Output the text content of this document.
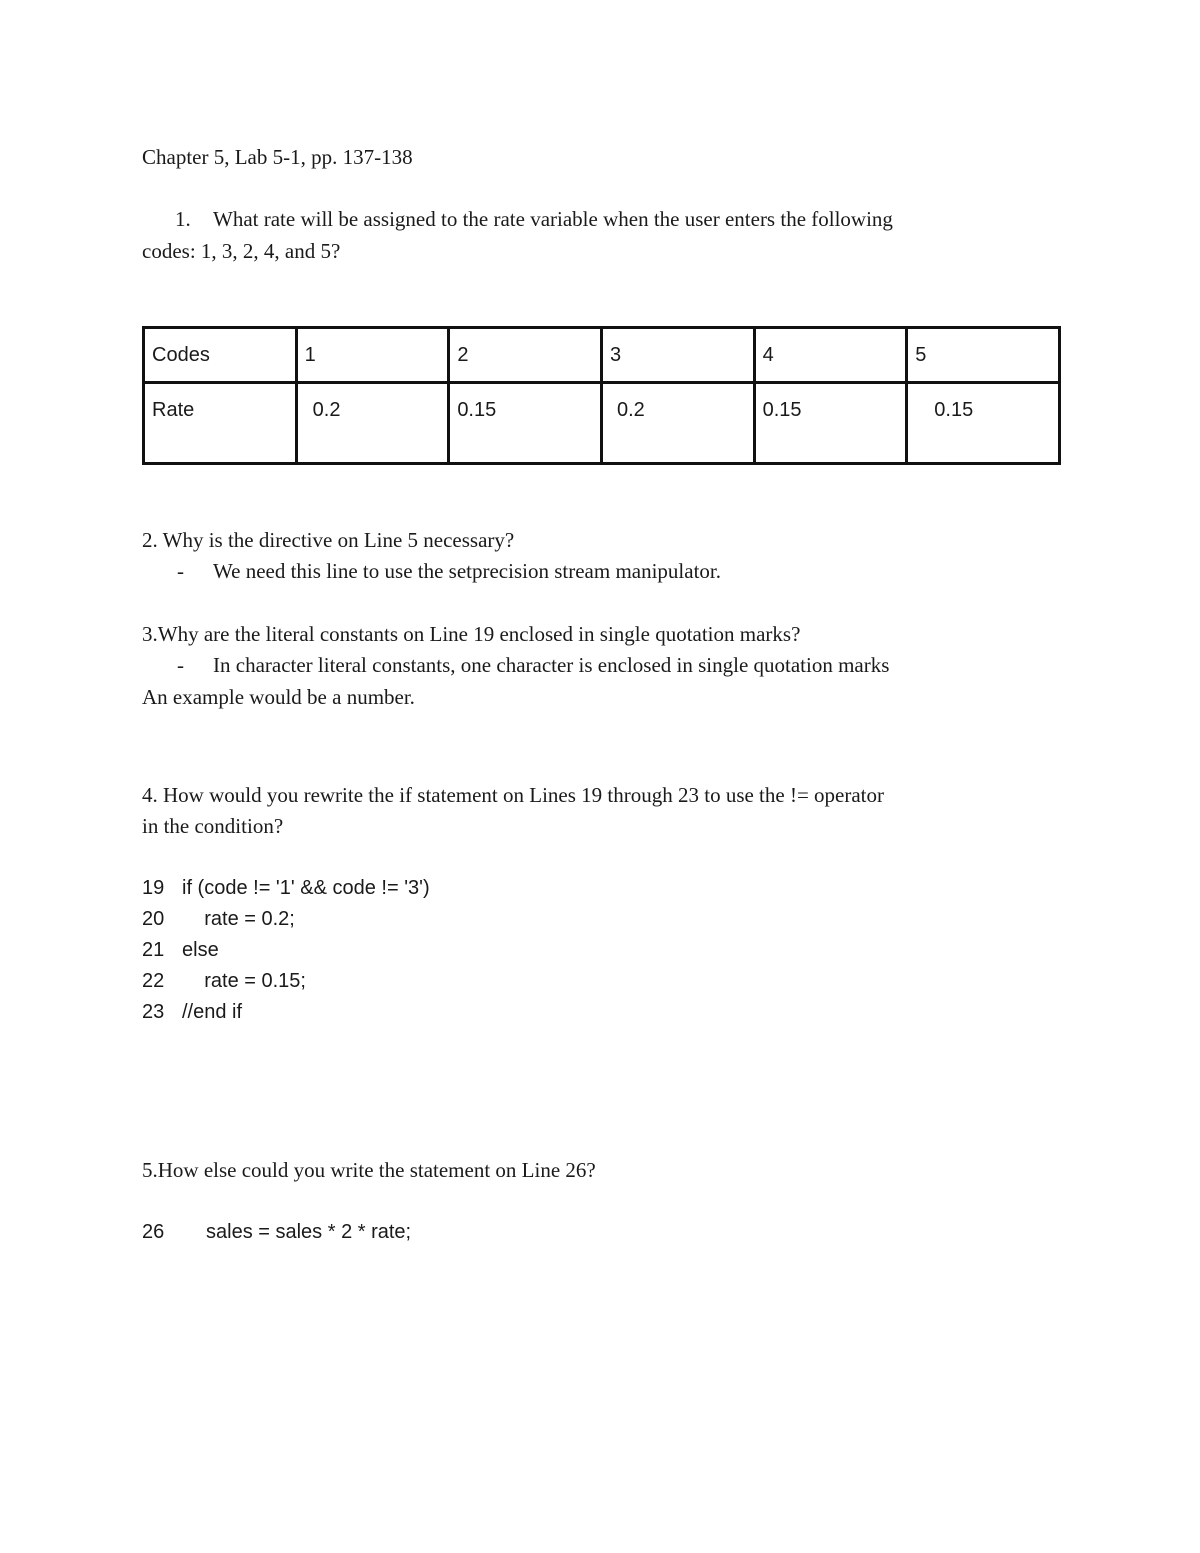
Chapter 5, Lab 5-1, pp. 137-138
1. What rate will be assigned to the rate variable when the user enters the following
codes: 1, 3, 2, 4, and 5?
Codes	1	2	3	4	5
Rate	0.2	0.15	0.2	0.15	0.15
2. Why is the directive on Line 5 necessary?
- We need this line to use the setprecision stream manipulator.
3.Why are the literal constants on Line 19 enclosed in single quotation marks?
- In character literal constants, one character is enclosed in single quotation marks
An example would be a number.
4. How would you rewrite the if statement on Lines 19 through 23 to use the != operator
in the condition?
19 if (code != '1' && code != '3')
20    rate = 0.2;
21 else
22    rate = 0.15;
23 //end if
5.How else could you write the statement on Line 26?
26 sales = sales * 2 * rate;
